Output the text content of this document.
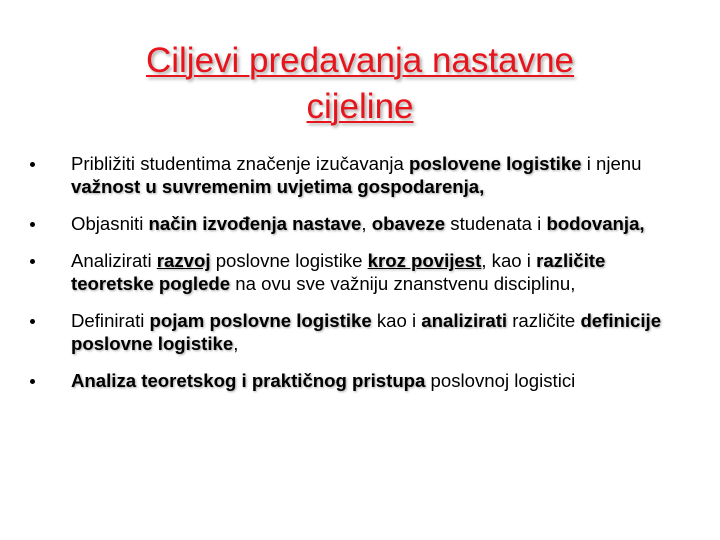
Ciljevi predavanja nastavne
cijeline
Približiti studentima značenje izučavanja poslovene logistike i njenu važnost u suvremenim uvjetima gospodarenja,
Objasniti način izvođenja nastave, obaveze studenata i bodovanja,
Analizirati razvoj poslovne logistike kroz povijest, kao i različite teoretske poglede na ovu sve važniju znanstvenu disciplinu,
Definirati pojam poslovne logistike kao i analizirati različite definicije poslovne logistike,
Analiza teoretskog i praktičnog pristupa poslovnoj logistici
